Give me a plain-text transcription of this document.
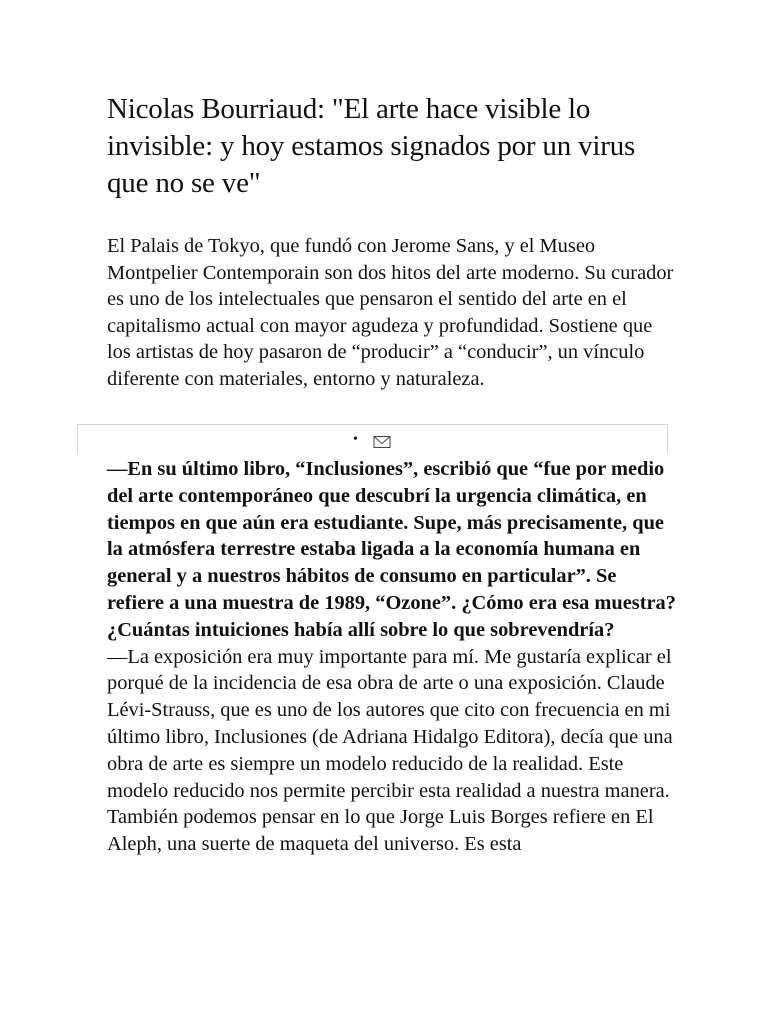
Nicolas Bourriaud: "El arte hace visible lo invisible: y hoy estamos signados por un virus que no se ve"

El Palais de Tokyo, que fundó con Jerome Sans, y el Museo Montpelier Contemporain son dos hitos del arte moderno. Su curador es uno de los intelectuales que pensaron el sentido del arte en el capitalismo actual con mayor agudeza y profundidad. Sostiene que los artistas de hoy pasaron de “producir” a “conducir”, un vínculo diferente con materiales, entorno y naturaleza.

•

—En su último libro, “Inclusiones”, escribió que “fue por medio del arte contemporáneo que descubrí la urgencia climática, en tiempos en que aún era estudiante. Supe, más precisamente, que la atmósfera terrestre estaba ligada a la economía humana en general y a nuestros hábitos de consumo en particular”. Se refiere a una muestra de 1989, “Ozone”. ¿Cómo era esa muestra? ¿Cuántas intuiciones había allí sobre lo que sobrevendría?

—La exposición era muy importante para mí. Me gustaría explicar el porqué de la incidencia de esa obra de arte o una exposición. Claude Lévi-Strauss, que es uno de los autores que cito con frecuencia en mi último libro, Inclusiones (de Adriana Hidalgo Editora), decía que una obra de arte es siempre un modelo reducido de la realidad. Este modelo reducido nos permite percibir esta realidad a nuestra manera. También podemos pensar en lo que Jorge Luis Borges refiere en El Aleph, una suerte de maqueta del universo. Es esta
